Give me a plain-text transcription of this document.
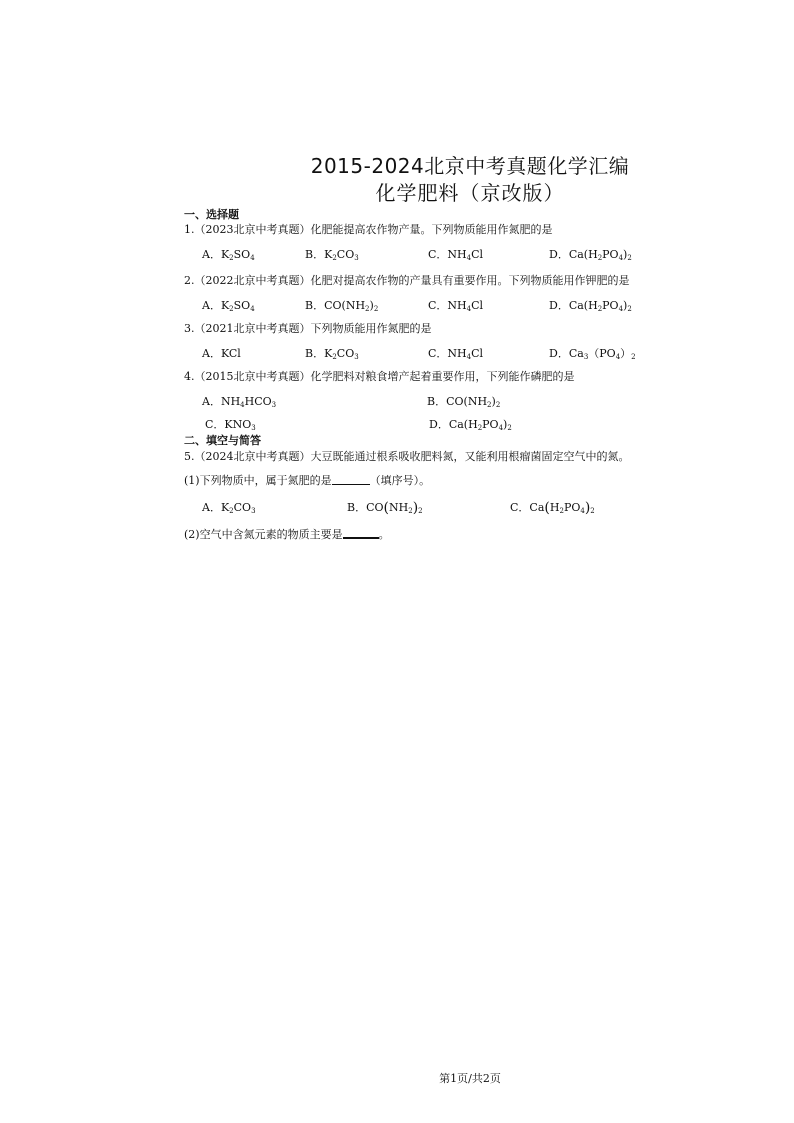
2015-2024北京中考真题化学汇编
化学肥料（京改版）
一、选择题
1.（2023北京中考真题）化肥能提高农作物产量。下列物质能用作氮肥的是
A．$K_2SO_4$	B．$K_2CO_3$	C．$NH_4Cl$	D．$Ca(H_2PO_4)_2$
2.（2022北京中考真题）化肥对提高农作物的产量具有重要作用。下列物质能用作钾肥的是
A．$K_2SO_4$	B．$CO(NH_2)_2$	C．$NH_4Cl$	D．$Ca(H_2PO_4)_2$
3.（2021北京中考真题）下列物质能用作氮肥的是
A．KCl	B．$K_2CO_3$	C．$NH_4Cl$	D．$Ca_3(PO_4)_2$
4.（2015北京中考真题）化学肥料对粮食增产起着重要作用，下列能作磷肥的是
A．$NH_4HCO_3$	B．$CO(NH_2)_2$
C．$KNO_3$	D．$Ca(H_2PO_4)_2$
二、填空与简答
5.（2024北京中考真题）大豆既能通过根系吸收肥料氮，又能利用根瘤菌固定空气中的氮。
(1)下列物质中，属于氮肥的是	（填序号）。
A．$K_2CO_3$	B．$CO(NH_2)_2$	C．$Ca(H_2PO_4)_2$
(2)空气中含氮元素的物质主要是	。
第1页/共2页
